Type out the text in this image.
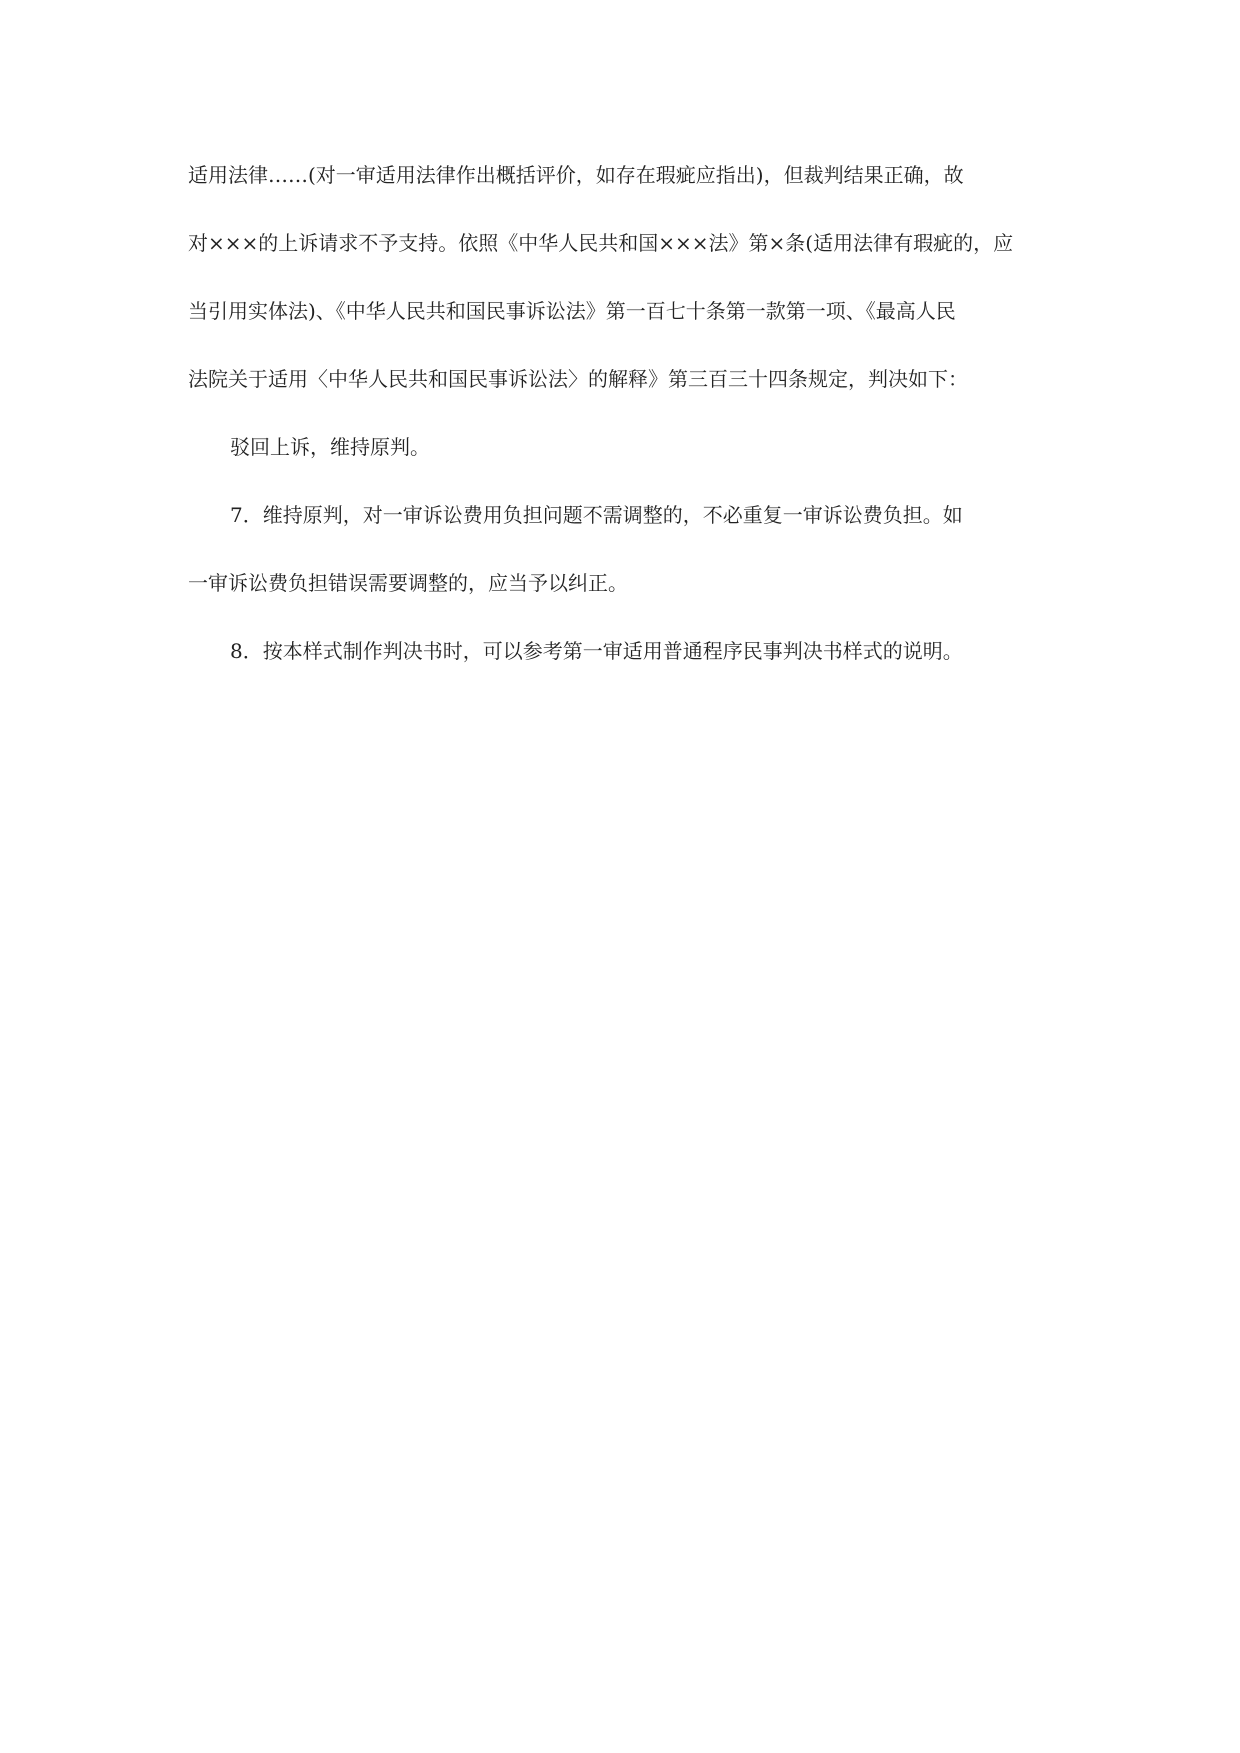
适用法律……(对一审适用法律作出概括评价，如存在瑕疵应指出)，但裁判结果正确，故
对×××的上诉请求不予支持。依照《中华人民共和国×××法》第×条(适用法律有瑕疵的，应
当引用实体法)、《中华人民共和国民事诉讼法》第一百七十条第一款第一项、《最高人民
法院关于适用〈中华人民共和国民事诉讼法〉的解释》第三百三十四条规定，判决如下：
驳回上诉，维持原判。
7．维持原判，对一审诉讼费用负担问题不需调整的，不必重复一审诉讼费负担。如
一审诉讼费负担错误需要调整的，应当予以纠正。
8．按本样式制作判决书时，可以参考第一审适用普通程序民事判决书样式的说明。
